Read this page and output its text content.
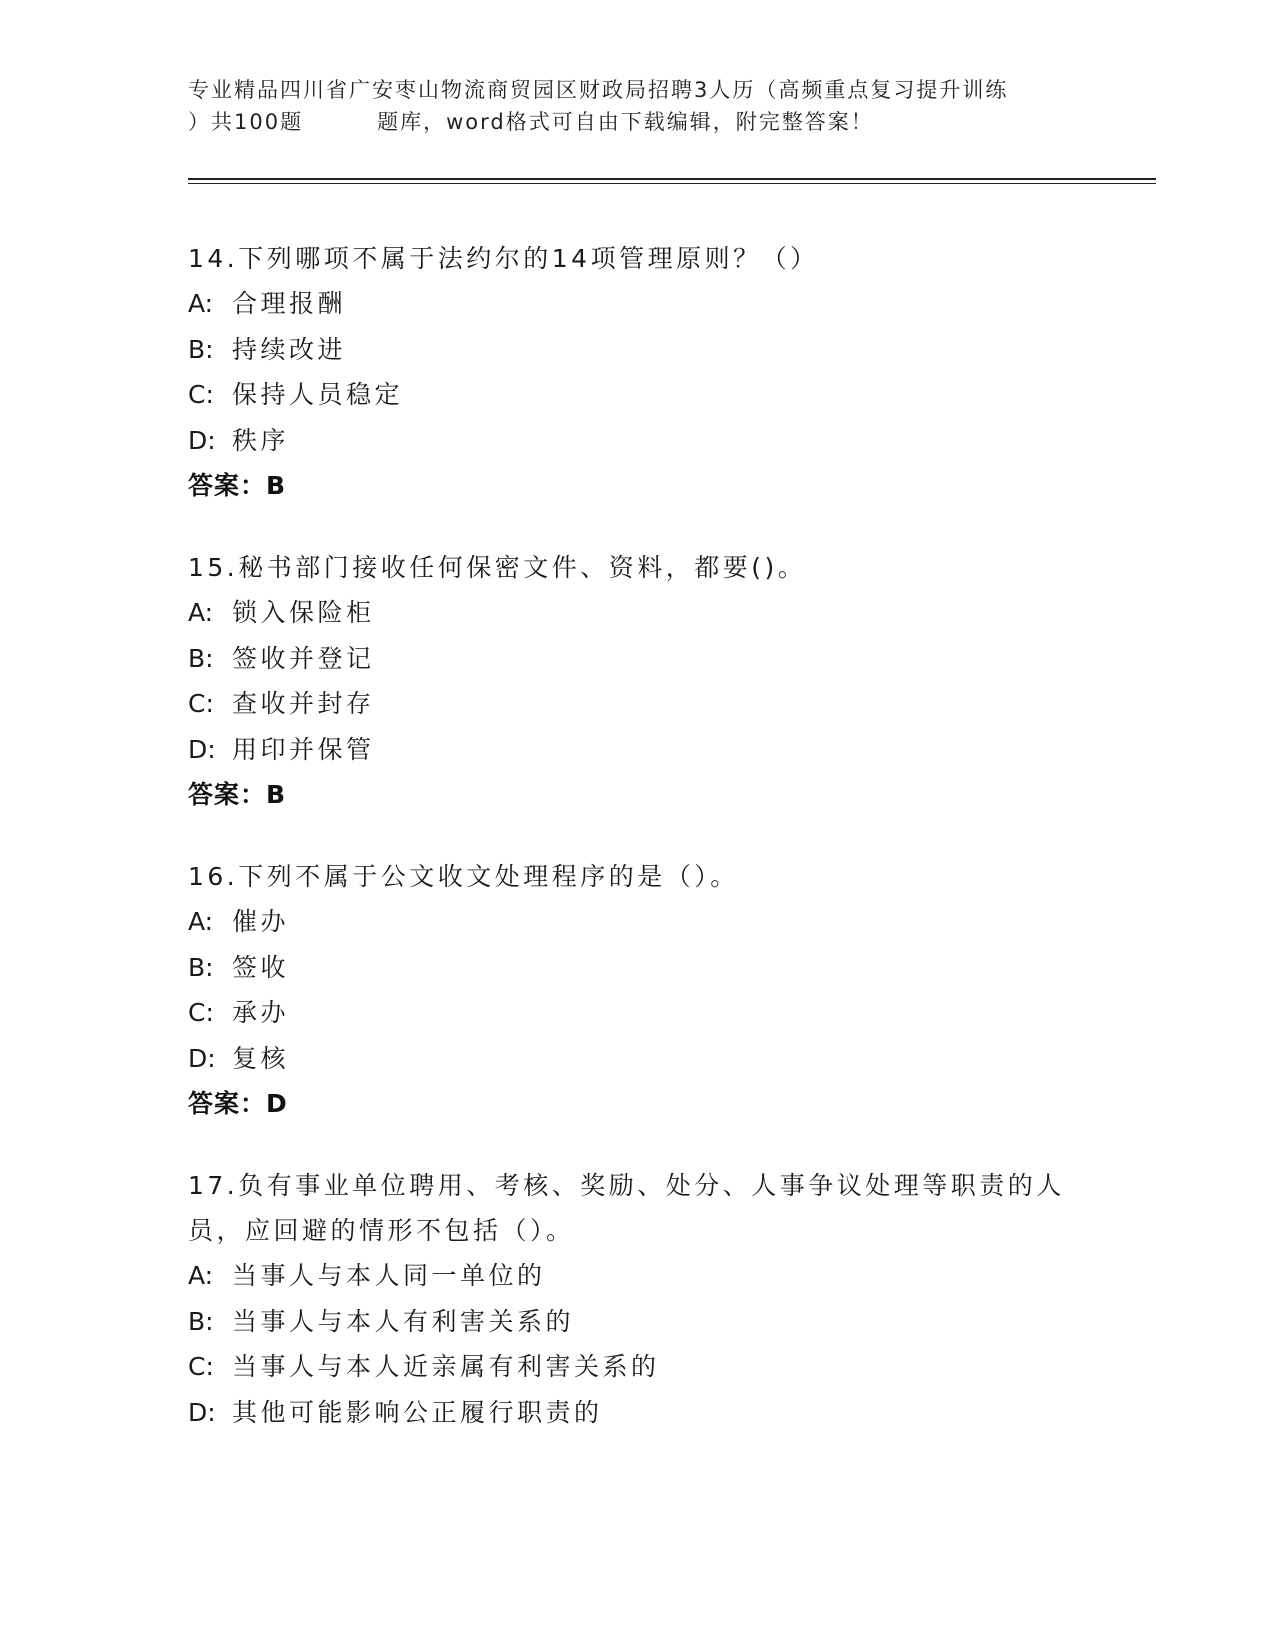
专业精品四川省广安枣山物流商贸园区财政局招聘3人历（高频重点复习提升训练
）共100题	题库，word格式可自由下载编辑，附完整答案！
14.下列哪项不属于法约尔的14项管理原则？（）
A: 合理报酬
B: 持续改进
C: 保持人员稳定
D: 秩序
答案：B
15.秘书部门接收任何保密文件、资料，都要()。
A: 锁入保险柜
B: 签收并登记
C: 查收并封存
D: 用印并保管
答案：B
16.下列不属于公文收文处理程序的是（）。
A: 催办
B: 签收
C: 承办
D: 复核
答案：D
17.负有事业单位聘用、考核、奖励、处分、人事争议处理等职责的人员，应回避的情形不包括（）。
A: 当事人与本人同一单位的
B: 当事人与本人有利害关系的
C: 当事人与本人近亲属有利害关系的
D: 其他可能影响公正履行职责的
